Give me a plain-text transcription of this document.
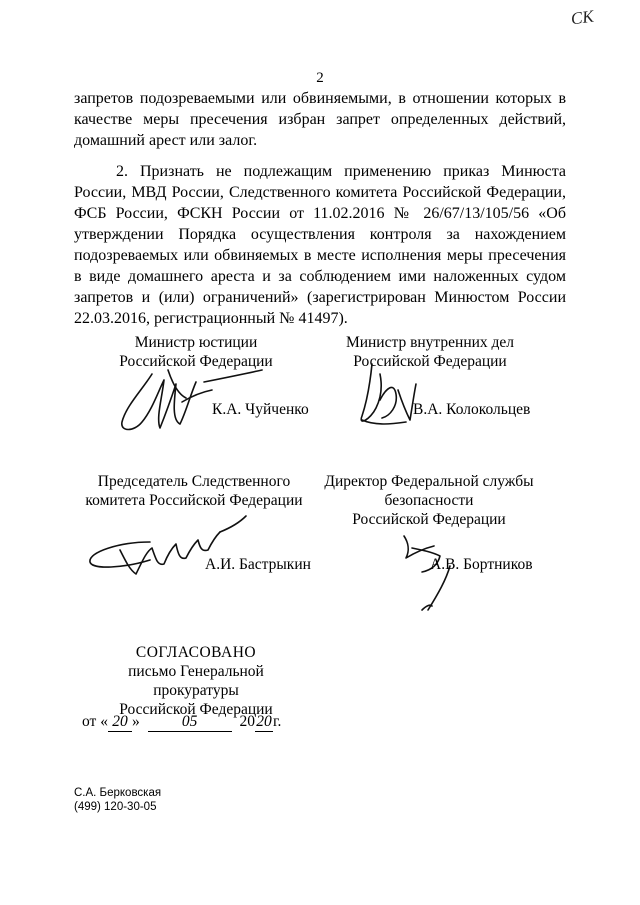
СК
2

запретов подозреваемыми или обвиняемыми, в отношении которых в качестве меры пресечения избран запрет определенных действий, домашний арест или залог.

2. Признать не подлежащим применению приказ Минюста России, МВД России, Следственного комитета Российской Федерации, ФСБ России, ФСКН России от 11.02.2016 № 26/67/13/105/56 «Об утверждении Порядка осуществления контроля за нахождением подозреваемых или обвиняемых в месте исполнения меры пресечения в виде домашнего ареста и за соблюдением ими наложенных судом запретов и (или) ограничений» (зарегистрирован Минюстом России 22.03.2016, регистрационный № 41497).

Министр юстиции
Российской Федерации
К.А. Чуйченко
Министр внутренних дел
Российской Федерации
В.А. Колокольцев
Председатель Следственного
комитета Российской Федерации
А.И. Бастрыкин
Директор Федеральной службы
безопасности
Российской Федерации
А.В. Бортников
СОГЛАСОВАНО
письмо Генеральной
прокуратуры
Российской Федерации
от « 20 »	05	2020г.
С.А. Берковская
(499) 120-30-05
